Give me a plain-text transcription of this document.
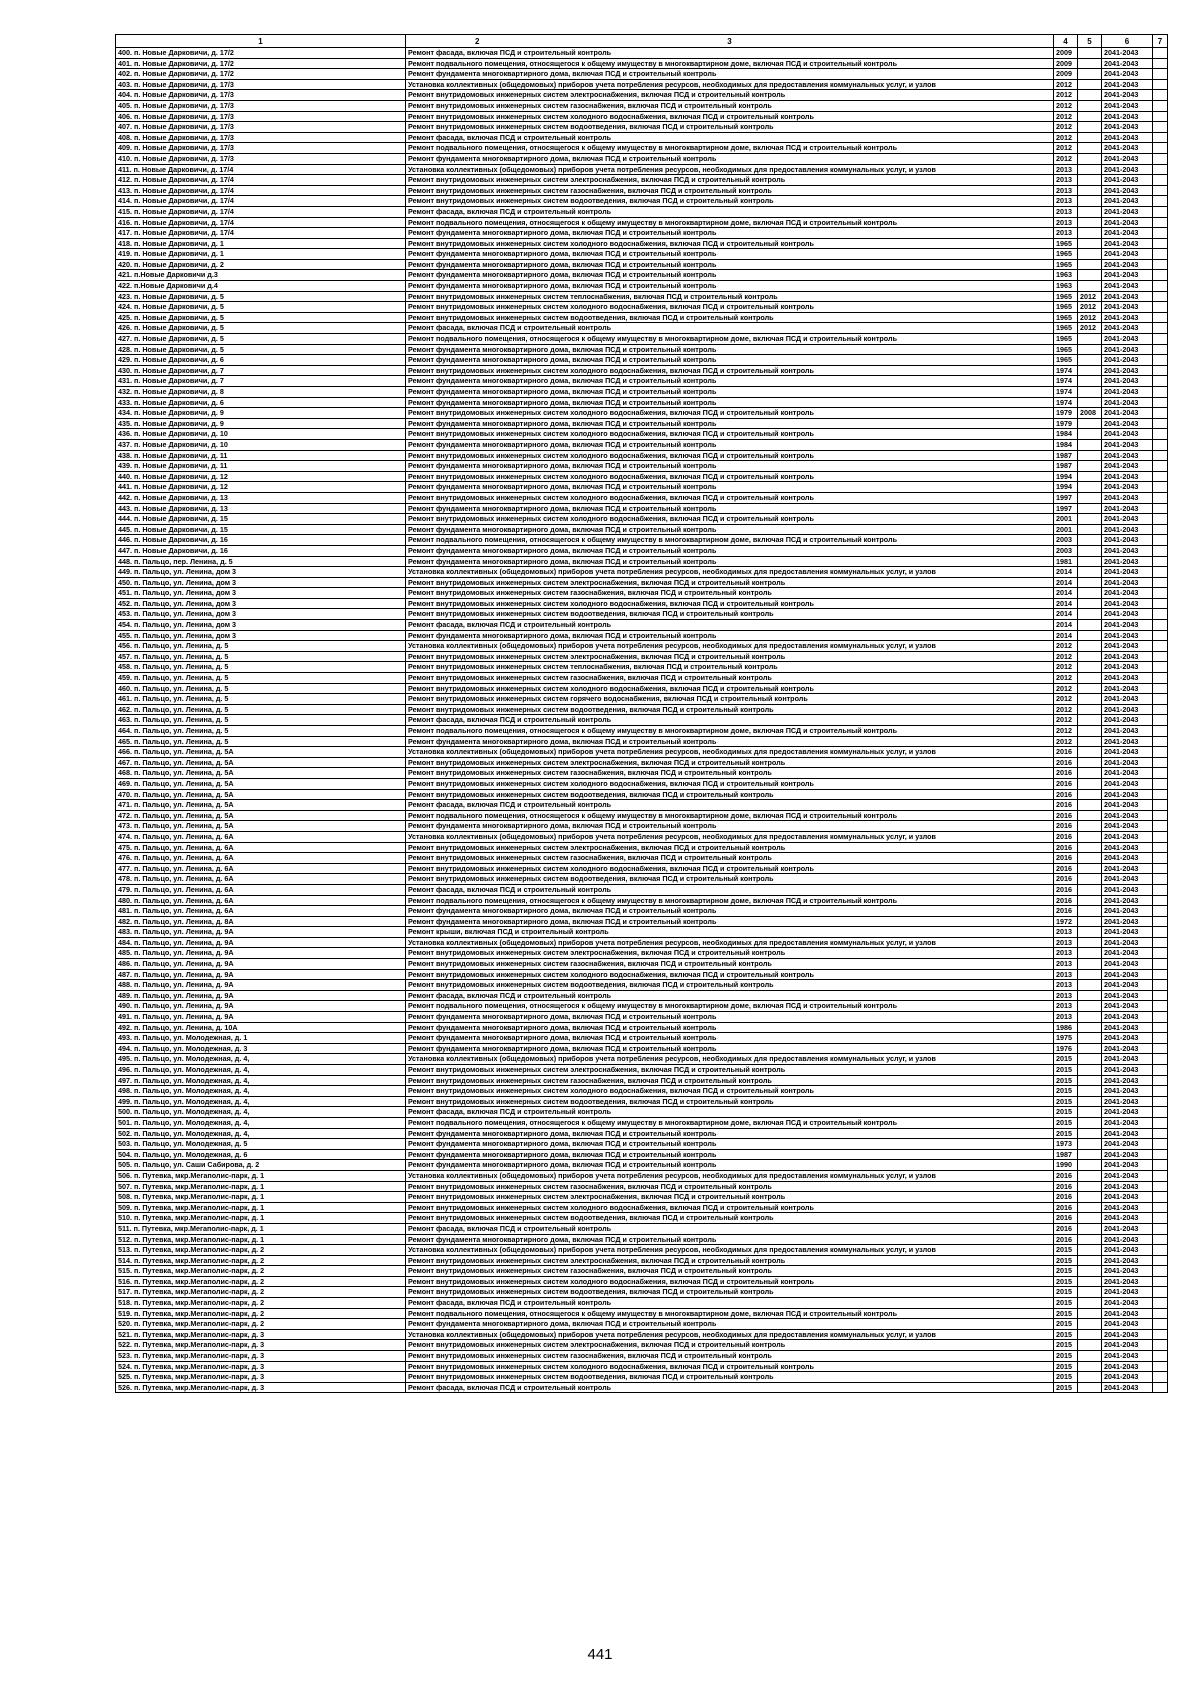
1	2 3	4	5	6	7
400. п. Новые Дарковичи, д. 17/2	Ремонт фасада, включая ПСД и строительный контроль	2009		2041-2043	
401. п. Новые Дарковичи, д. 17/2	Ремонт подвального помещения, относящегося к общему имуществу в многоквартирном доме, включая ПСД и строительный контроль	2009		2041-2043	
402. п. Новые Дарковичи, д. 17/2	Ремонт фундамента многоквартирного дома, включая ПСД и строительный контроль	2009		2041-2043	
403. п. Новые Дарковичи, д. 17/3	Установка коллективных (общедомовых) приборов учета потребления ресурсов, необходимых для предоставления коммунальных услуг, и узлов	2012		2041-2043	
404. п. Новые Дарковичи, д. 17/3	Ремонт внутридомовых инженерных систем электроснабжения, включая ПСД и строительный контроль	2012		2041-2043	
405. п. Новые Дарковичи, д. 17/3	Ремонт внутридомовых инженерных систем газоснабжения, включая ПСД и строительный контроль	2012		2041-2043	
406. п. Новые Дарковичи, д. 17/3	Ремонт внутридомовых инженерных систем холодного водоснабжения, включая ПСД и строительный контроль	2012		2041-2043	
407. п. Новые Дарковичи, д. 17/3	Ремонт внутридомовых инженерных систем водоотведения, включая ПСД и строительный контроль	2012		2041-2043	
408. п. Новые Дарковичи, д. 17/3	Ремонт фасада, включая ПСД и строительный контроль	2012		2041-2043	
409. п. Новые Дарковичи, д. 17/3	Ремонт подвального помещения, относящегося к общему имуществу в многоквартирном доме, включая ПСД и строительный контроль	2012		2041-2043	
410. п. Новые Дарковичи, д. 17/3	Ремонт фундамента многоквартирного дома, включая ПСД и строительный контроль	2012		2041-2043	
411. п. Новые Дарковичи, д. 17/4	Установка коллективных (общедомовых) приборов учета потребления ресурсов, необходимых для предоставления коммунальных услуг, и узлов	2013		2041-2043	
412. п. Новые Дарковичи, д. 17/4	Ремонт внутридомовых инженерных систем электроснабжения, включая ПСД и строительный контроль	2013		2041-2043	
413. п. Новые Дарковичи, д. 17/4	Ремонт внутридомовых инженерных систем газоснабжения, включая ПСД и строительный контроль	2013		2041-2043	
414. п. Новые Дарковичи, д. 17/4	Ремонт внутридомовых инженерных систем водоотведения, включая ПСД и строительный контроль	2013		2041-2043	
415. п. Новые Дарковичи, д. 17/4	Ремонт фасада, включая ПСД и строительный контроль	2013		2041-2043	
416. п. Новые Дарковичи, д. 17/4	Ремонт подвального помещения, относящегося к общему имуществу в многоквартирном доме, включая ПСД и строительный контроль	2013		2041-2043	
417. п. Новые Дарковичи, д. 17/4	Ремонт фундамента многоквартирного дома, включая ПСД и строительный контроль	2013		2041-2043	
418. п. Новые Дарковичи, д. 1	Ремонт внутридомовых инженерных систем холодного водоснабжения, включая ПСД и строительный контроль	1965		2041-2043	
419. п. Новые Дарковичи, д. 1	Ремонт фундамента многоквартирного дома, включая ПСД и строительный контроль	1965		2041-2043	
420. п. Новые Дарковичи, д. 2	Ремонт фундамента многоквартирного дома, включая ПСД и строительный контроль	1965		2041-2043	
421. п.Новые Дарковичи д.3	Ремонт фундамента многоквартирного дома, включая ПСД и строительный контроль	1963		2041-2043	
422. п.Новые Дарковичи д.4	Ремонт фундамента многоквартирного дома, включая ПСД и строительный контроль	1963		2041-2043	
423. п. Новые Дарковичи, д. 5	Ремонт внутридомовых инженерных систем теплоснабжения, включая ПСД и строительный контроль	1965	2012	2041-2043	
424. п. Новые Дарковичи, д. 5	Ремонт внутридомовых инженерных систем холодного водоснабжения, включая ПСД и строительный контроль	1965	2012	2041-2043	
425. п. Новые Дарковичи, д. 5	Ремонт внутридомовых инженерных систем водоотведения, включая ПСД и строительный контроль	1965	2012	2041-2043	
426. п. Новые Дарковичи, д. 5	Ремонт фасада, включая ПСД и строительный контроль	1965	2012	2041-2043	
427. п. Новые Дарковичи, д. 5	Ремонт подвального помещения, относящегося к общему имуществу в многоквартирном доме, включая ПСД и строительный контроль	1965		2041-2043	
428. п. Новые Дарковичи, д. 5	Ремонт фундамента многоквартирного дома, включая ПСД и строительный контроль	1965		2041-2043	
429. п. Новые Дарковичи, д. 6	Ремонт фундамента многоквартирного дома, включая ПСД и строительный контроль	1965		2041-2043	
430. п. Новые Дарковичи, д. 7	Ремонт внутридомовых инженерных систем холодного водоснабжения, включая ПСД и строительный контроль	1974		2041-2043	
431. п. Новые Дарковичи, д. 7	Ремонт фундамента многоквартирного дома, включая ПСД и строительный контроль	1974		2041-2043	
432. п. Новые Дарковичи, д. 8	Ремонт фундамента многоквартирного дома, включая ПСД и строительный контроль	1974		2041-2043	
433. п. Новые Дарковичи, д. 6	Ремонт фундамента многоквартирного дома, включая ПСД и строительный контроль	1974		2041-2043	
434. п. Новые Дарковичи, д. 9	Ремонт внутридомовых инженерных систем холодного водоснабжения, включая ПСД и строительный контроль	1979	2008	2041-2043	
435. п. Новые Дарковичи, д. 9	Ремонт фундамента многоквартирного дома, включая ПСД и строительный контроль	1979		2041-2043	
436. п. Новые Дарковичи, д. 10	Ремонт внутридомовых инженерных систем холодного водоснабжения, включая ПСД и строительный контроль	1984		2041-2043	
437. п. Новые Дарковичи, д. 10	Ремонт фундамента многоквартирного дома, включая ПСД и строительный контроль	1984		2041-2043	
438. п. Новые Дарковичи, д. 11	Ремонт внутридомовых инженерных систем холодного водоснабжения, включая ПСД и строительный контроль	1987		2041-2043	
439. п. Новые Дарковичи, д. 11	Ремонт фундамента многоквартирного дома, включая ПСД и строительный контроль	1987		2041-2043	
440. п. Новые Дарковичи, д. 12	Ремонт внутридомовых инженерных систем холодного водоснабжения, включая ПСД и строительный контроль	1994		2041-2043	
441. п. Новые Дарковичи, д. 12	Ремонт фундамента многоквартирного дома, включая ПСД и строительный контроль	1994		2041-2043	
442. п. Новые Дарковичи, д. 13	Ремонт внутридомовых инженерных систем холодного водоснабжения, включая ПСД и строительный контроль	1997		2041-2043	
443. п. Новые Дарковичи, д. 13	Ремонт фундамента многоквартирного дома, включая ПСД и строительный контроль	1997		2041-2043	
444. п. Новые Дарковичи, д. 15	Ремонт внутридомовых инженерных систем холодного водоснабжения, включая ПСД и строительный контроль	2001		2041-2043	
445. п. Новые Дарковичи, д. 15	Ремонт фундамента многоквартирного дома, включая ПСД и строительный контроль	2001		2041-2043	
446. п. Новые Дарковичи, д. 16	Ремонт подвального помещения, относящегося к общему имуществу в многоквартирном доме, включая ПСД и строительный контроль	2003		2041-2043	
447. п. Новые Дарковичи, д. 16	Ремонт фундамента многоквартирного дома, включая ПСД и строительный контроль	2003		2041-2043	
448. п. Пальцо, пер. Ленина, д. 5	Ремонт фундамента многоквартирного дома, включая ПСД и строительный контроль	1981		2041-2043	
449. п. Пальцо, ул. Ленина, дом 3	Установка коллективных (общедомовых) приборов учета потребления ресурсов, необходимых для предоставления коммунальных услуг, и узлов	2014		2041-2043	
450. п. Пальцо, ул. Ленина, дом 3	Ремонт внутридомовых инженерных систем электроснабжения, включая ПСД и строительный контроль	2014		2041-2043	
451. п. Пальцо, ул. Ленина, дом 3	Ремонт внутридомовых инженерных систем газоснабжения, включая ПСД и строительный контроль	2014		2041-2043	
452. п. Пальцо, ул. Ленина, дом 3	Ремонт внутридомовых инженерных систем холодного водоснабжения, включая ПСД и строительный контроль	2014		2041-2043	
453. п. Пальцо, ул. Ленина, дом 3	Ремонт внутридомовых инженерных систем водоотведения, включая ПСД и строительный контроль	2014		2041-2043	
454. п. Пальцо, ул. Ленина, дом 3	Ремонт фасада, включая ПСД и строительный контроль	2014		2041-2043	
455. п. Пальцо, ул. Ленина, дом 3	Ремонт фундамента многоквартирного дома, включая ПСД и строительный контроль	2014		2041-2043	
456. п. Пальцо, ул. Ленина, д. 5	Установка коллективных (общедомовых) приборов учета потребления ресурсов, необходимых для предоставления коммунальных услуг, и узлов	2012		2041-2043	
457. п. Пальцо, ул. Ленина, д. 5	Ремонт внутридомовых инженерных систем электроснабжения, включая ПСД и строительный контроль	2012		2041-2043	
458. п. Пальцо, ул. Ленина, д. 5	Ремонт внутридомовых инженерных систем теплоснабжения, включая ПСД и строительный контроль	2012		2041-2043	
459. п. Пальцо, ул. Ленина, д. 5	Ремонт внутридомовых инженерных систем газоснабжения, включая ПСД и строительный контроль	2012		2041-2043	
460. п. Пальцо, ул. Ленина, д. 5	Ремонт внутридомовых инженерных систем холодного водоснабжения, включая ПСД и строительный контроль	2012		2041-2043	
461. п. Пальцо, ул. Ленина, д. 5	Ремонт внутридомовых инженерных систем горячего водоснабжения, включая ПСД и строительный контроль	2012		2041-2043	
462. п. Пальцо, ул. Ленина, д. 5	Ремонт внутридомовых инженерных систем водоотведения, включая ПСД и строительный контроль	2012		2041-2043	
463. п. Пальцо, ул. Ленина, д. 5	Ремонт фасада, включая ПСД и строительный контроль	2012		2041-2043	
464. п. Пальцо, ул. Ленина, д. 5	Ремонт подвального помещения, относящегося к общему имуществу в многоквартирном доме, включая ПСД и строительный контроль	2012		2041-2043	
465. п. Пальцо, ул. Ленина, д. 5	Ремонт фундамента многоквартирного дома, включая ПСД и строительный контроль	2012		2041-2043	
466. п. Пальцо, ул. Ленина, д. 5А	Установка коллективных (общедомовых) приборов учета потребления ресурсов, необходимых для предоставления коммунальных услуг, и узлов	2016		2041-2043	
467. п. Пальцо, ул. Ленина, д. 5А	Ремонт внутридомовых инженерных систем электроснабжения, включая ПСД и строительный контроль	2016		2041-2043	
468. п. Пальцо, ул. Ленина, д. 5А	Ремонт внутридомовых инженерных систем газоснабжения, включая ПСД и строительный контроль	2016		2041-2043	
469. п. Пальцо, ул. Ленина, д. 5А	Ремонт внутридомовых инженерных систем холодного водоснабжения, включая ПСД и строительный контроль	2016		2041-2043	
470. п. Пальцо, ул. Ленина, д. 5А	Ремонт внутридомовых инженерных систем водоотведения, включая ПСД и строительный контроль	2016		2041-2043	
471. п. Пальцо, ул. Ленина, д. 5А	Ремонт фасада, включая ПСД и строительный контроль	2016		2041-2043	
472. п. Пальцо, ул. Ленина, д. 5А	Ремонт подвального помещения, относящегося к общему имуществу в многоквартирном доме, включая ПСД и строительный контроль	2016		2041-2043	
473. п. Пальцо, ул. Ленина, д. 5А	Ремонт фундамента многоквартирного дома, включая ПСД и строительный контроль	2016		2041-2043	
474. п. Пальцо, ул. Ленина, д. 6А	Установка коллективных (общедомовых) приборов учета потребления ресурсов, необходимых для предоставления коммунальных услуг, и узлов	2016		2041-2043	
475. п. Пальцо, ул. Ленина, д. 6А	Ремонт внутридомовых инженерных систем электроснабжения, включая ПСД и строительный контроль	2016		2041-2043	
476. п. Пальцо, ул. Ленина, д. 6А	Ремонт внутридомовых инженерных систем газоснабжения, включая ПСД и строительный контроль	2016		2041-2043	
477. п. Пальцо, ул. Ленина, д. 6А	Ремонт внутридомовых инженерных систем холодного водоснабжения, включая ПСД и строительный контроль	2016		2041-2043	
478. п. Пальцо, ул. Ленина, д. 6А	Ремонт внутридомовых инженерных систем водоотведения, включая ПСД и строительный контроль	2016		2041-2043	
479. п. Пальцо, ул. Ленина, д. 6А	Ремонт фасада, включая ПСД и строительный контроль	2016		2041-2043	
480. п. Пальцо, ул. Ленина, д. 6А	Ремонт подвального помещения, относящегося к общему имуществу в многоквартирном доме, включая ПСД и строительный контроль	2016		2041-2043	
481. п. Пальцо, ул. Ленина, д. 6А	Ремонт фундамента многоквартирного дома, включая ПСД и строительный контроль	2016		2041-2043	
482. п. Пальцо, ул. Ленина, д. 8А	Ремонт фундамента многоквартирного дома, включая ПСД и строительный контроль	1972		2041-2043	
483. п. Пальцо, ул. Ленина, д. 9А	Ремонт крыши, включая ПСД и строительный контроль	2013		2041-2043	
484. п. Пальцо, ул. Ленина, д. 9А	Установка коллективных (общедомовых) приборов учета потребления ресурсов, необходимых для предоставления коммунальных услуг, и узлов	2013		2041-2043	
485. п. Пальцо, ул. Ленина, д. 9А	Ремонт внутридомовых инженерных систем электроснабжения, включая ПСД и строительный контроль	2013		2041-2043	
486. п. Пальцо, ул. Ленина, д. 9А	Ремонт внутридомовых инженерных систем газоснабжения, включая ПСД и строительный контроль	2013		2041-2043	
487. п. Пальцо, ул. Ленина, д. 9А	Ремонт внутридомовых инженерных систем холодного водоснабжения, включая ПСД и строительный контроль	2013		2041-2043	
488. п. Пальцо, ул. Ленина, д. 9А	Ремонт внутридомовых инженерных систем водоотведения, включая ПСД и строительный контроль	2013		2041-2043	
489. п. Пальцо, ул. Ленина, д. 9А	Ремонт фасада, включая ПСД и строительный контроль	2013		2041-2043	
490. п. Пальцо, ул. Ленина, д. 9А	Ремонт подвального помещения, относящегося к общему имуществу в многоквартирном доме, включая ПСД и строительный контроль	2013		2041-2043	
491. п. Пальцо, ул. Ленина, д. 9А	Ремонт фундамента многоквартирного дома, включая ПСД и строительный контроль	2013		2041-2043	
492. п. Пальцо, ул. Ленина, д. 10А	Ремонт фундамента многоквартирного дома, включая ПСД и строительный контроль	1986		2041-2043	
493. п. Пальцо, ул. Молодежная, д. 1	Ремонт фундамента многоквартирного дома, включая ПСД и строительный контроль	1975		2041-2043	
494. п. Пальцо, ул. Молодежная, д. 3	Ремонт фундамента многоквартирного дома, включая ПСД и строительный контроль	1976		2041-2043	
495. п. Пальцо, ул. Молодежная, д. 4,	Установка коллективных (общедомовых) приборов учета потребления ресурсов, необходимых для предоставления коммунальных услуг, и узлов	2015		2041-2043	
496. п. Пальцо, ул. Молодежная, д. 4,	Ремонт внутридомовых инженерных систем электроснабжения, включая ПСД и строительный контроль	2015		2041-2043	
497. п. Пальцо, ул. Молодежная, д. 4,	Ремонт внутридомовых инженерных систем газоснабжения, включая ПСД и строительный контроль	2015		2041-2043	
498. п. Пальцо, ул. Молодежная, д. 4,	Ремонт внутридомовых инженерных систем холодного водоснабжения, включая ПСД и строительный контроль	2015		2041-2043	
499. п. Пальцо, ул. Молодежная, д. 4,	Ремонт внутридомовых инженерных систем водоотведения, включая ПСД и строительный контроль	2015		2041-2043	
500. п. Пальцо, ул. Молодежная, д. 4,	Ремонт фасада, включая ПСД и строительный контроль	2015		2041-2043	
501. п. Пальцо, ул. Молодежная, д. 4,	Ремонт подвального помещения, относящегося к общему имуществу в многоквартирном доме, включая ПСД и строительный контроль	2015		2041-2043	
502. п. Пальцо, ул. Молодежная, д. 4,	Ремонт фундамента многоквартирного дома, включая ПСД и строительный контроль	2015		2041-2043	
503. п. Пальцо, ул. Молодежная, д. 5	Ремонт фундамента многоквартирного дома, включая ПСД и строительный контроль	1973		2041-2043	
504. п. Пальцо, ул. Молодежная, д. 6	Ремонт фундамента многоквартирного дома, включая ПСД и строительный контроль	1987		2041-2043	
505. п. Пальцо, ул. Саши Сабирова, д. 2	Ремонт фундамента многоквартирного дома, включая ПСД и строительный контроль	1990		2041-2043	
506. п. Путевка, мкр.Мегаполис-парк, д. 1	Установка коллективных (общедомовых) приборов учета потребления ресурсов, необходимых для предоставления коммунальных услуг, и узлов	2016		2041-2043	
507. п. Путевка, мкр.Мегаполис-парк, д. 1	Ремонт внутридомовых инженерных систем газоснабжения, включая ПСД и строительный контроль	2016		2041-2043	
508. п. Путевка, мкр.Мегаполис-парк, д. 1	Ремонт внутридомовых инженерных систем электроснабжения, включая ПСД и строительный контроль	2016		2041-2043	
509. п. Путевка, мкр.Мегаполис-парк, д. 1	Ремонт внутридомовых инженерных систем холодного водоснабжения, включая ПСД и строительный контроль	2016		2041-2043	
510. п. Путевка, мкр.Мегаполис-парк, д. 1	Ремонт внутридомовых инженерных систем водоотведения, включая ПСД и строительный контроль	2016		2041-2043	
511. п. Путевка, мкр.Мегаполис-парк, д. 1	Ремонт фасада, включая ПСД и строительный контроль	2016		2041-2043	
512. п. Путевка, мкр.Мегаполис-парк, д. 1	Ремонт фундамента многоквартирного дома, включая ПСД и строительный контроль	2016		2041-2043	
513. п. Путевка, мкр.Мегаполис-парк, д. 2	Установка коллективных (общедомовых) приборов учета потребления ресурсов, необходимых для предоставления коммунальных услуг, и узлов	2015		2041-2043	
514. п. Путевка, мкр.Мегаполис-парк, д. 2	Ремонт внутридомовых инженерных систем электроснабжения, включая ПСД и строительный контроль	2015		2041-2043	
515. п. Путевка, мкр.Мегаполис-парк, д. 2	Ремонт внутридомовых инженерных систем газоснабжения, включая ПСД и строительный контроль	2015		2041-2043	
516. п. Путевка, мкр.Мегаполис-парк, д. 2	Ремонт внутридомовых инженерных систем холодного водоснабжения, включая ПСД и строительный контроль	2015		2041-2043	
517. п. Путевка, мкр.Мегаполис-парк, д. 2	Ремонт внутридомовых инженерных систем водоотведения, включая ПСД и строительный контроль	2015		2041-2043	
518. п. Путевка, мкр.Мегаполис-парк, д. 2	Ремонт фасада, включая ПСД и строительный контроль	2015		2041-2043	
519. п. Путевка, мкр.Мегаполис-парк, д. 2	Ремонт подвального помещения, относящегося к общему имуществу в многоквартирном доме, включая ПСД и строительный контроль	2015		2041-2043	
520. п. Путевка, мкр.Мегаполис-парк, д. 2	Ремонт фундамента многоквартирного дома, включая ПСД и строительный контроль	2015		2041-2043	
521. п. Путевка, мкр.Мегаполис-парк, д. 3	Установка коллективных (общедомовых) приборов учета потребления ресурсов, необходимых для предоставления коммунальных услуг, и узлов	2015		2041-2043	
522. п. Путевка, мкр.Мегаполис-парк, д. 3	Ремонт внутридомовых инженерных систем электроснабжения, включая ПСД и строительный контроль	2015		2041-2043	
523. п. Путевка, мкр.Мегаполис-парк, д. 3	Ремонт внутридомовых инженерных систем газоснабжения, включая ПСД и строительный контроль	2015		2041-2043	
524. п. Путевка, мкр.Мегаполис-парк, д. 3	Ремонт внутридомовых инженерных систем холодного водоснабжения, включая ПСД и строительный контроль	2015		2041-2043	
525. п. Путевка, мкр.Мегаполис-парк, д. 3	Ремонт внутридомовых инженерных систем водоотведения, включая ПСД и строительный контроль	2015		2041-2043	
526. п. Путевка, мкр.Мегаполис-парк, д. 3	Ремонт фасада, включая ПСД и строительный контроль	2015		2041-2043	
441
